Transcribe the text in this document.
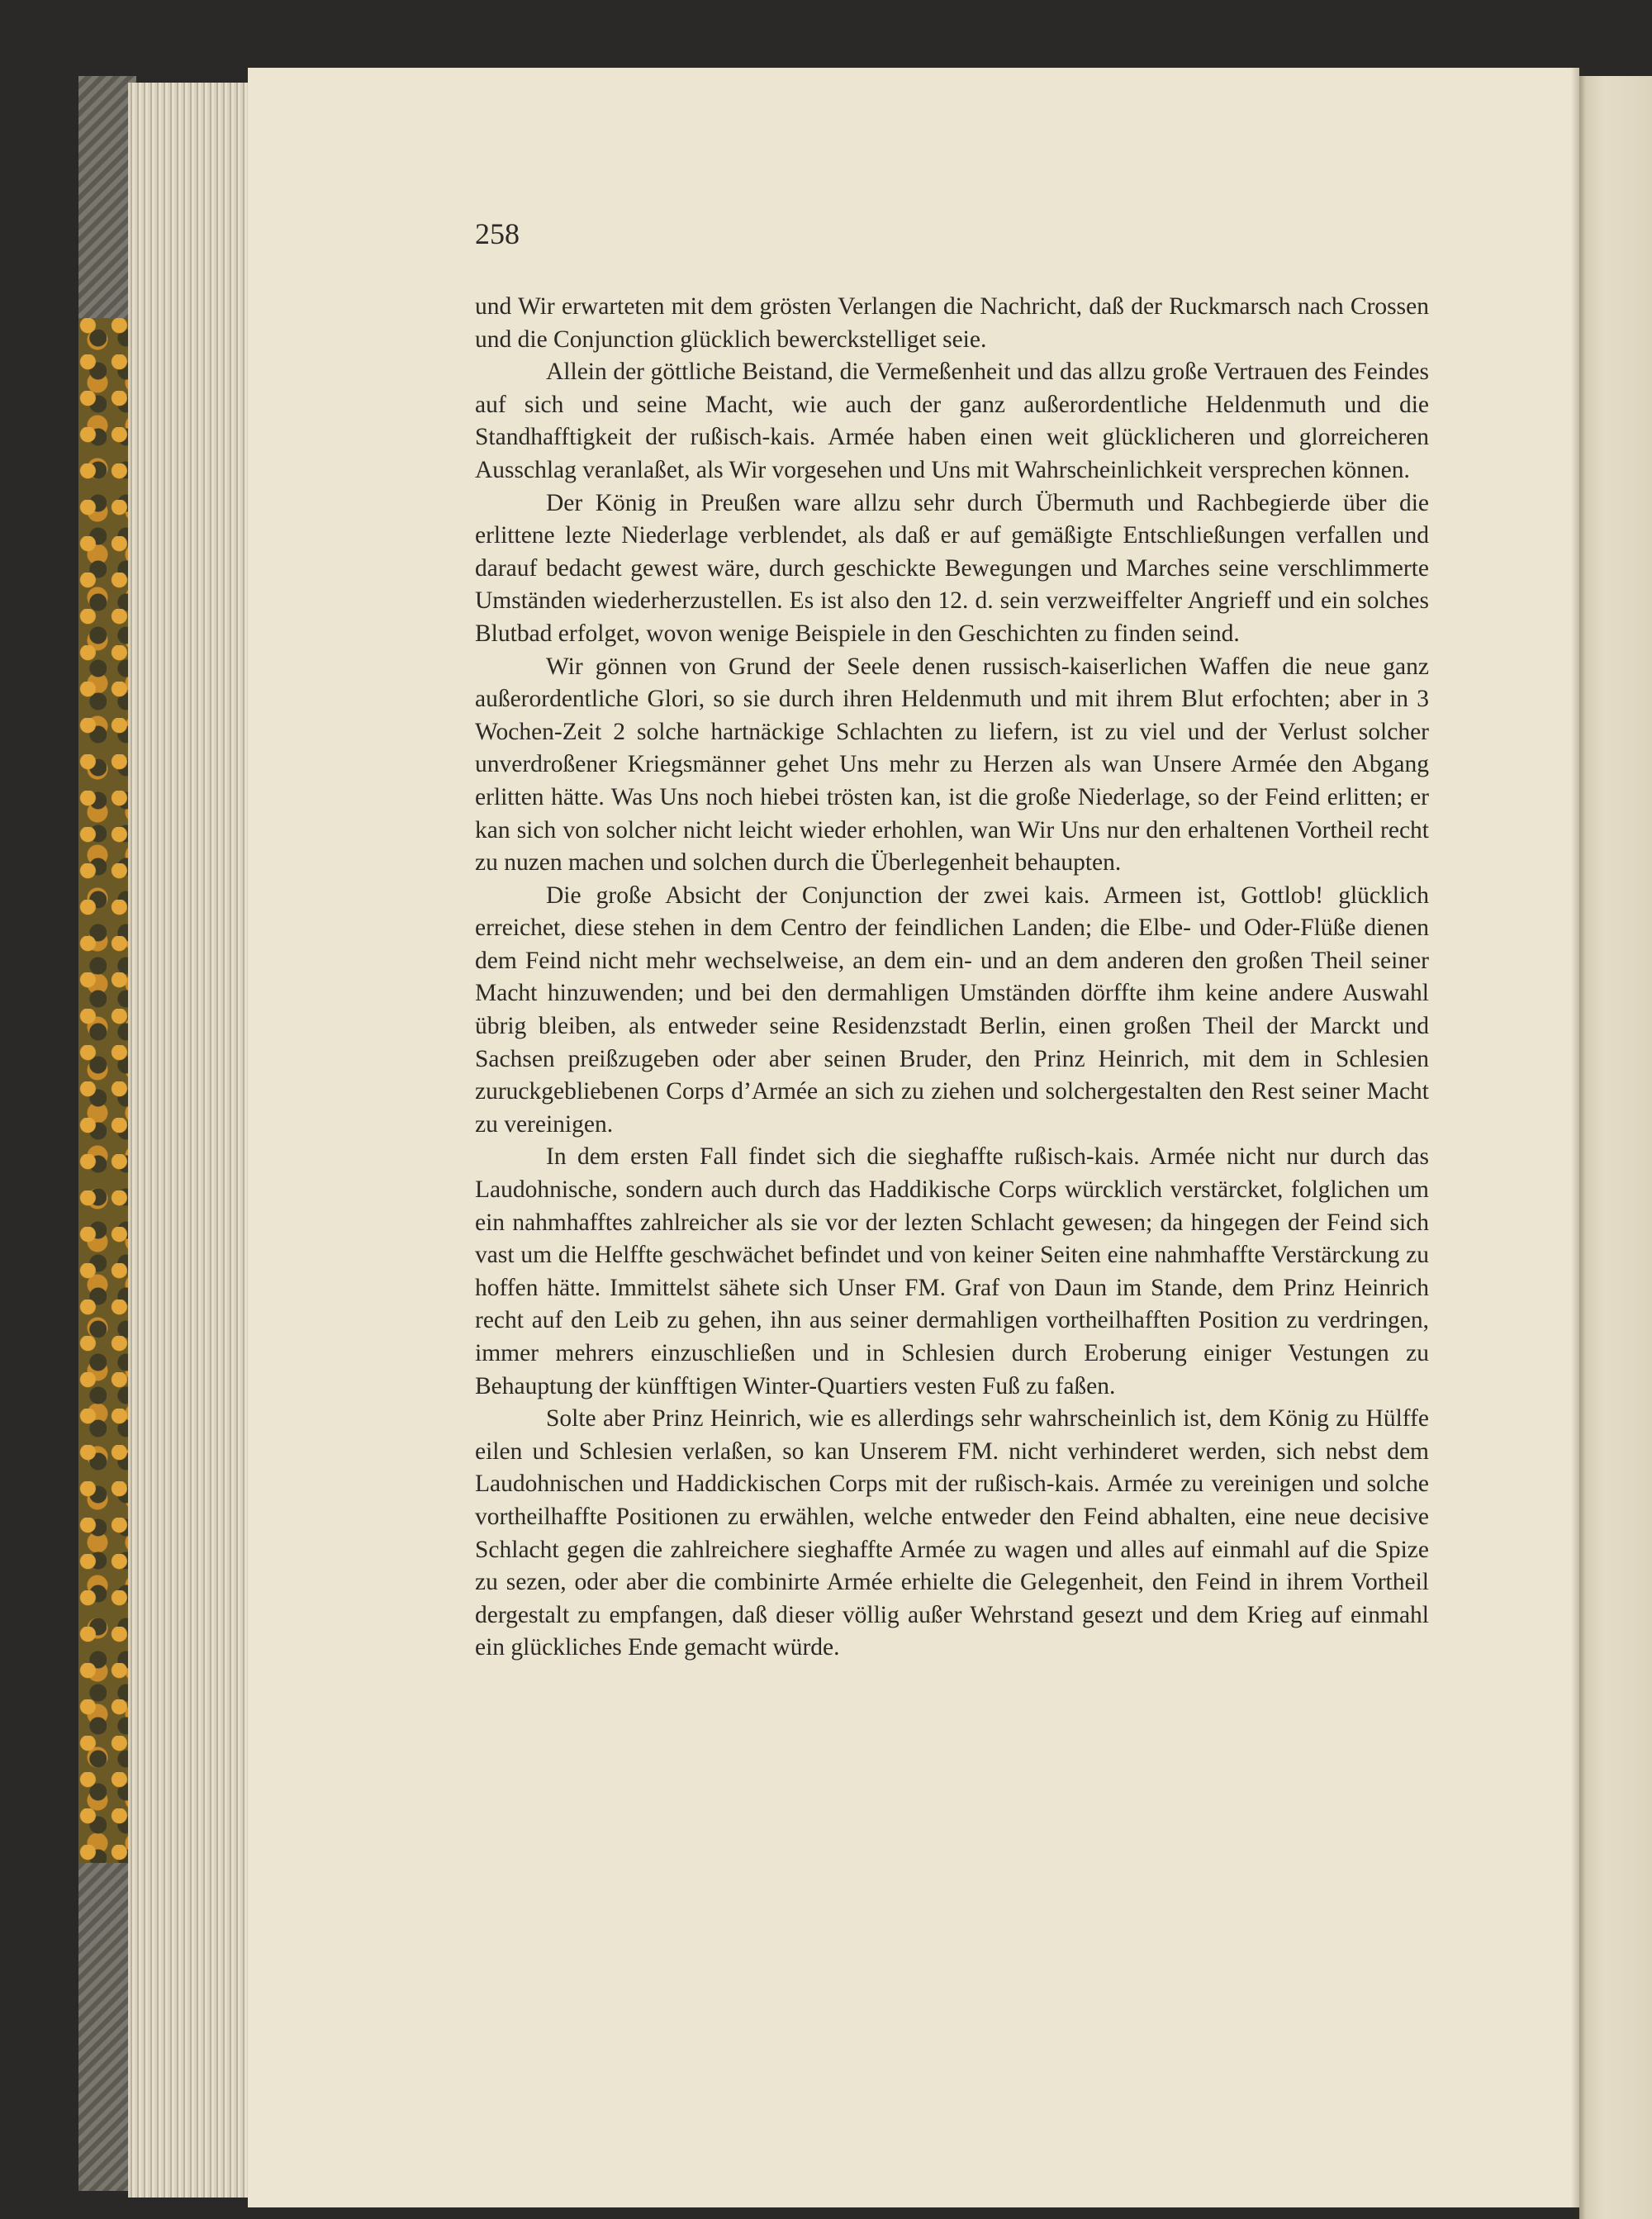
258

und Wir erwarteten mit dem grösten Verlangen die Nachricht, daß der Ruckmarsch nach Crossen und die Conjunction glücklich bewerckstelliget seie.

Allein der göttliche Beistand, die Vermeßenheit und das allzu große Vertrauen des Feindes auf sich und seine Macht, wie auch der ganz außerordentliche Heldenmuth und die Standhafftigkeit der rußisch-kais. Armée haben einen weit glücklicheren und glorreicheren Ausschlag veranlaßet, als Wir vorgesehen und Uns mit Wahrscheinlichkeit versprechen können.

Der König in Preußen ware allzu sehr durch Übermuth und Rachbegierde über die erlittene lezte Niederlage verblendet, als daß er auf gemäßigte Entschließungen verfallen und darauf bedacht gewest wäre, durch geschickte Bewegungen und Marches seine verschlimmerte Umständen wiederherzustellen. Es ist also den 12. d. sein verzweiffelter Angrieff und ein solches Blutbad erfolget, wovon wenige Beispiele in den Geschichten zu finden seind.

Wir gönnen von Grund der Seele denen russisch-kaiserlichen Waffen die neue ganz außerordentliche Glori, so sie durch ihren Heldenmuth und mit ihrem Blut erfochten; aber in 3 Wochen-Zeit 2 solche hartnäckige Schlachten zu liefern, ist zu viel und der Verlust solcher unverdroßener Kriegsmänner gehet Uns mehr zu Herzen als wan Unsere Armée den Abgang erlitten hätte. Was Uns noch hiebei trösten kan, ist die große Niederlage, so der Feind erlitten; er kan sich von solcher nicht leicht wieder erhohlen, wan Wir Uns nur den erhaltenen Vortheil recht zu nuzen machen und solchen durch die Überlegenheit behaupten.

Die große Absicht der Conjunction der zwei kais. Armeen ist, Gottlob! glücklich erreichet, diese stehen in dem Centro der feindlichen Landen; die Elbe- und Oder-Flüße dienen dem Feind nicht mehr wechselweise, an dem ein- und an dem anderen den großen Theil seiner Macht hinzuwenden; und bei den dermahligen Umständen dörffte ihm keine andere Auswahl übrig bleiben, als entweder seine Residenzstadt Berlin, einen großen Theil der Marckt und Sachsen preißzugeben oder aber seinen Bruder, den Prinz Heinrich, mit dem in Schlesien zuruckgebliebenen Corps d’Armée an sich zu ziehen und solchergestalten den Rest seiner Macht zu vereinigen.

In dem ersten Fall findet sich die sieghaffte rußisch-kais. Armée nicht nur durch das Laudohnische, sondern auch durch das Haddikische Corps würcklich verstärcket, folglichen um ein nahmhafftes zahlreicher als sie vor der lezten Schlacht gewesen; da hingegen der Feind sich vast um die Helffte geschwächet befindet und von keiner Seiten eine nahmhaffte Verstärckung zu hoffen hätte. Immittelst sähete sich Unser FM. Graf von Daun im Stande, dem Prinz Heinrich recht auf den Leib zu gehen, ihn aus seiner dermahligen vortheilhafften Position zu verdringen, immer mehrers einzuschließen und in Schlesien durch Eroberung einiger Vestungen zu Behauptung der künfftigen Winter-Quartiers vesten Fuß zu faßen.

Solte aber Prinz Heinrich, wie es allerdings sehr wahrscheinlich ist, dem König zu Hülffe eilen und Schlesien verlaßen, so kan Unserem FM. nicht verhinderet werden, sich nebst dem Laudohnischen und Haddickischen Corps mit der rußisch-kais. Armée zu vereinigen und solche vortheilhaffte Positionen zu erwählen, welche entweder den Feind abhalten, eine neue decisive Schlacht gegen die zahlreichere sieghaffte Armée zu wagen und alles auf einmahl auf die Spize zu sezen, oder aber die combinirte Armée erhielte die Gelegenheit, den Feind in ihrem Vortheil dergestalt zu empfangen, daß dieser völlig außer Wehrstand gesezt und dem Krieg auf einmahl ein glückliches Ende gemacht würde.
